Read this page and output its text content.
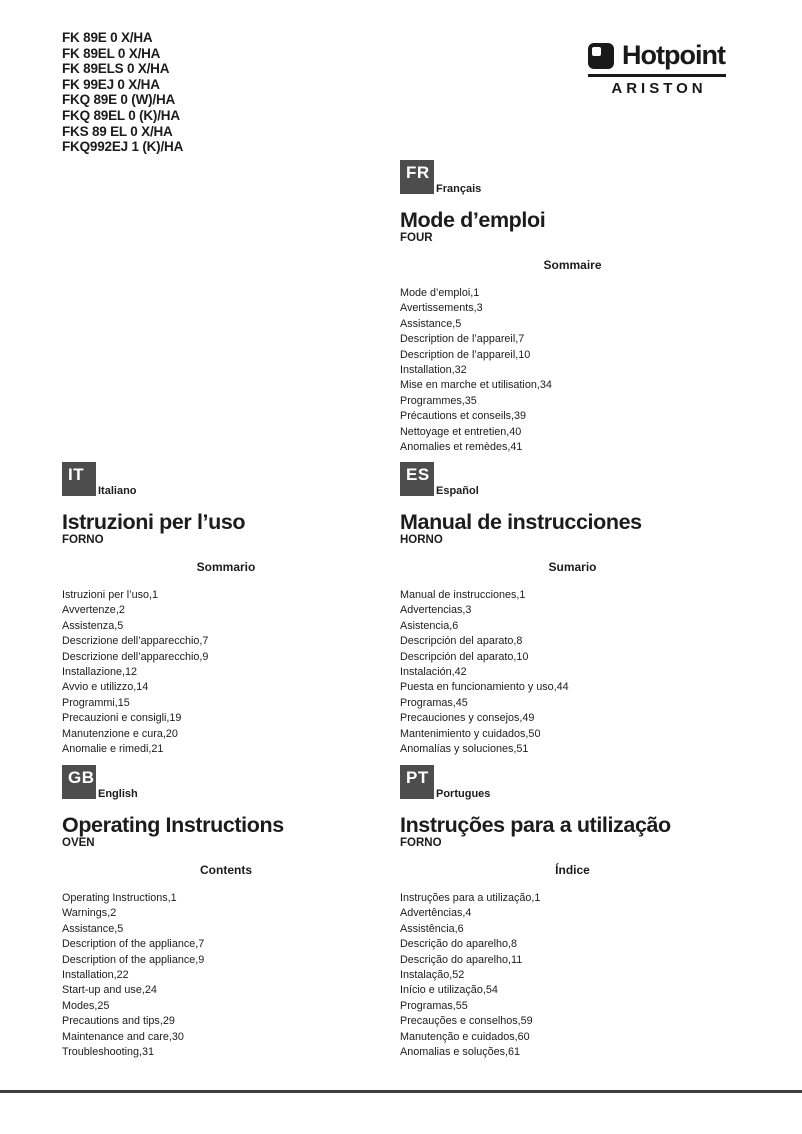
FK 89E 0 X/HA
FK 89EL 0 X/HA
FK 89ELS 0 X/HA
FK 99EJ 0 X/HA
FKQ 89E 0 (W)/HA
FKQ 89EL 0 (K)/HA
FKS 89 EL 0 X/HA
FKQ992EJ 1 (K)/HA
Hotpoint
ARISTON
FR
Français
Mode d’emploi
FOUR
Sommaire
Mode d’emploi,1
Avertissements,3
Assistance,5
Description de l’appareil,7
Description de l’appareil,10
Installation,32
Mise en marche et utilisation,34
Programmes,35
Précautions et conseils,39
Nettoyage et entretien,40
Anomalies et remèdes,41
IT
Italiano
Istruzioni per l’uso
FORNO
Sommario
Istruzioni per l’uso,1
Avvertenze,2
Assistenza,5
Descrizione dell’apparecchio,7
Descrizione dell’apparecchio,9
Installazione,12
Avvio e utilizzo,14
Programmi,15
Precauzioni e consigli,19
Manutenzione e cura,20
Anomalie e rimedi,21
ES
Español
Manual de instrucciones
HORNO
Sumario
Manual de instrucciones,1
Advertencias,3
Asistencia,6
Descripción del aparato,8
Descripción del aparato,10
Instalación,42
Puesta en funcionamiento y uso,44
Programas,45
Precauciones y consejos,49
Mantenimiento y cuidados,50
Anomalías y soluciones,51
GB
English
Operating Instructions
OVEN
Contents
Operating Instructions,1
Warnings,2
Assistance,5
Description of the appliance,7
Description of the appliance,9
Installation,22
Start-up and use,24
Modes,25
Precautions and tips,29
Maintenance and care,30
Troubleshooting,31
PT
Portugues
Instruções para a utilização
FORNO
Índice
Instruções para a utilização,1
Advertências,4
Assistência,6
Descrição do aparelho,8
Descrição do aparelho,11
Instalação,52
Início e utilização,54
Programas,55
Precauções e conselhos,59
Manutenção e cuidados,60
Anomalias e soluções,61
